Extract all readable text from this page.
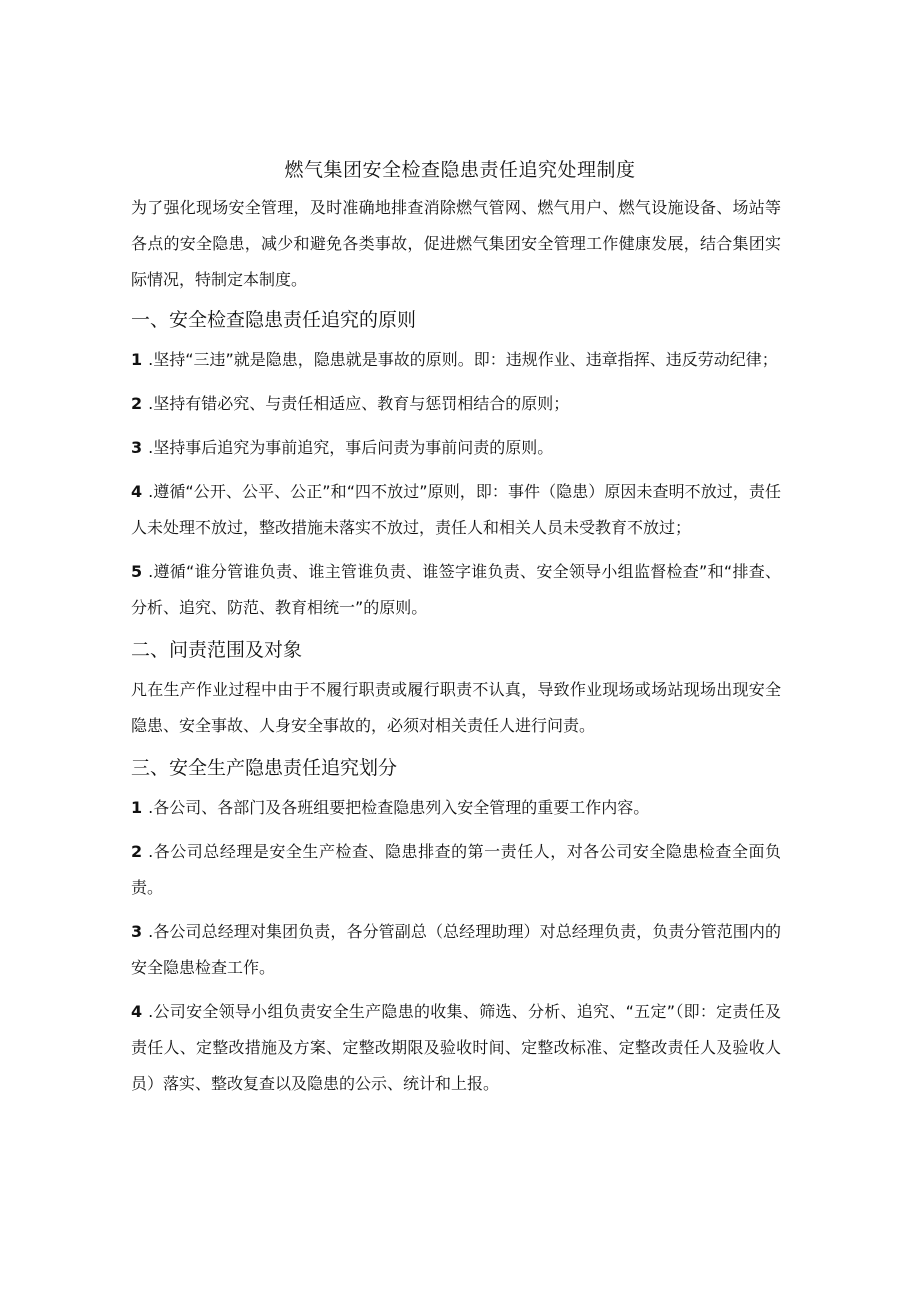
燃气集团安全检查隐患责任追究处理制度

为了强化现场安全管理，及时准确地排查消除燃气管网、燃气用户、燃气设施设备、场站等各点的安全隐患，减少和避免各类事故，促进燃气集团安全管理工作健康发展，结合集团实际情况，特制定本制度。

一、安全检查隐患责任追究的原则

1 .坚持“三违”就是隐患，隐患就是事故的原则。即：违规作业、违章指挥、违反劳动纪律；

2 .坚持有错必究、与责任相适应、教育与惩罚相结合的原则；

3 .坚持事后追究为事前追究，事后问责为事前问责的原则。

4 .遵循“公开、公平、公正”和“四不放过”原则，即：事件（隐患）原因未查明不放过，责任人未处理不放过，整改措施未落实不放过，责任人和相关人员未受教育不放过；

5 .遵循“谁分管谁负责、谁主管谁负责、谁签字谁负责、安全领导小组监督检查”和“排查、分析、追究、防范、教育相统一”的原则。

二、问责范围及对象

凡在生产作业过程中由于不履行职责或履行职责不认真，导致作业现场或场站现场出现安全隐患、安全事故、人身安全事故的，必须对相关责任人进行问责。

三、安全生产隐患责任追究划分

1 .各公司、各部门及各班组要把检查隐患列入安全管理的重要工作内容。

2 .各公司总经理是安全生产检查、隐患排查的第一责任人，对各公司安全隐患检查全面负责。

3 .各公司总经理对集团负责，各分管副总（总经理助理）对总经理负责，负责分管范围内的安全隐患检查工作。

4 .公司安全领导小组负责安全生产隐患的收集、筛选、分析、追究、“五定”（即：定责任及责任人、定整改措施及方案、定整改期限及验收时间、定整改标准、定整改责任人及验收人员）落实、整改复查以及隐患的公示、统计和上报。
